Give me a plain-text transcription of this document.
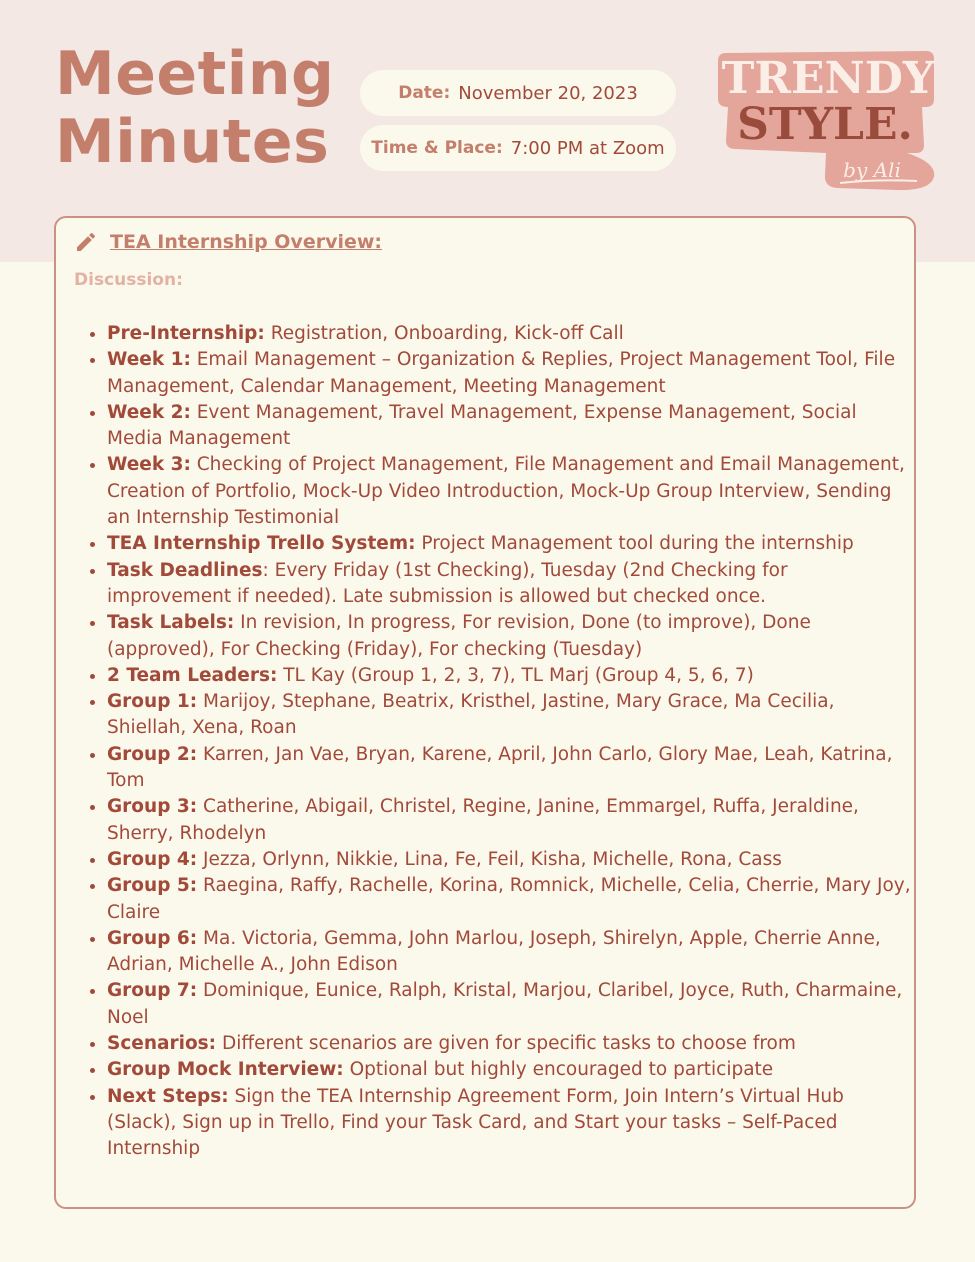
Meeting
Minutes
Date: November 20, 2023
Time & Place: 7:00 PM at Zoom
TRENDY
STYLE.
by Ali
TEA Internship Overview:
Discussion:
• Pre-Internship: Registration, Onboarding, Kick-off Call
• Week 1: Email Management – Organization & Replies, Project Management Tool, File Management, Calendar Management, Meeting Management
• Week 2: Event Management, Travel Management, Expense Management, Social Media Management
• Week 3: Checking of Project Management, File Management and Email Management, Creation of Portfolio, Mock-Up Video Introduction, Mock-Up Group Interview, Sending an Internship Testimonial
• TEA Internship Trello System: Project Management tool during the internship
• Task Deadlines: Every Friday (1st Checking), Tuesday (2nd Checking for improvement if needed). Late submission is allowed but checked once.
• Task Labels: In revision, In progress, For revision, Done (to improve), Done (approved), For Checking (Friday), For checking (Tuesday)
• 2 Team Leaders: TL Kay (Group 1, 2, 3, 7), TL Marj (Group 4, 5, 6, 7)
• Group 1: Marijoy, Stephane, Beatrix, Kristhel, Jastine, Mary Grace, Ma Cecilia, Shiellah, Xena, Roan
• Group 2: Karren, Jan Vae, Bryan, Karene, April, John Carlo, Glory Mae, Leah, Katrina, Tom
• Group 3: Catherine, Abigail, Christel, Regine, Janine, Emmargel, Ruffa, Jeraldine, Sherry, Rhodelyn
• Group 4: Jezza, Orlynn, Nikkie, Lina, Fe, Feil, Kisha, Michelle, Rona, Cass
• Group 5: Raegina, Raffy, Rachelle, Korina, Romnick, Michelle, Celia, Cherrie, Mary Joy, Claire
• Group 6: Ma. Victoria, Gemma, John Marlou, Joseph, Shirelyn, Apple, Cherrie Anne, Adrian, Michelle A., John Edison
• Group 7: Dominique, Eunice, Ralph, Kristal, Marjou, Claribel, Joyce, Ruth, Charmaine, Noel
• Scenarios: Different scenarios are given for specific tasks to choose from
• Group Mock Interview: Optional but highly encouraged to participate
• Next Steps: Sign the TEA Internship Agreement Form, Join Intern’s Virtual Hub (Slack), Sign up in Trello, Find your Task Card, and Start your tasks – Self-Paced Internship
